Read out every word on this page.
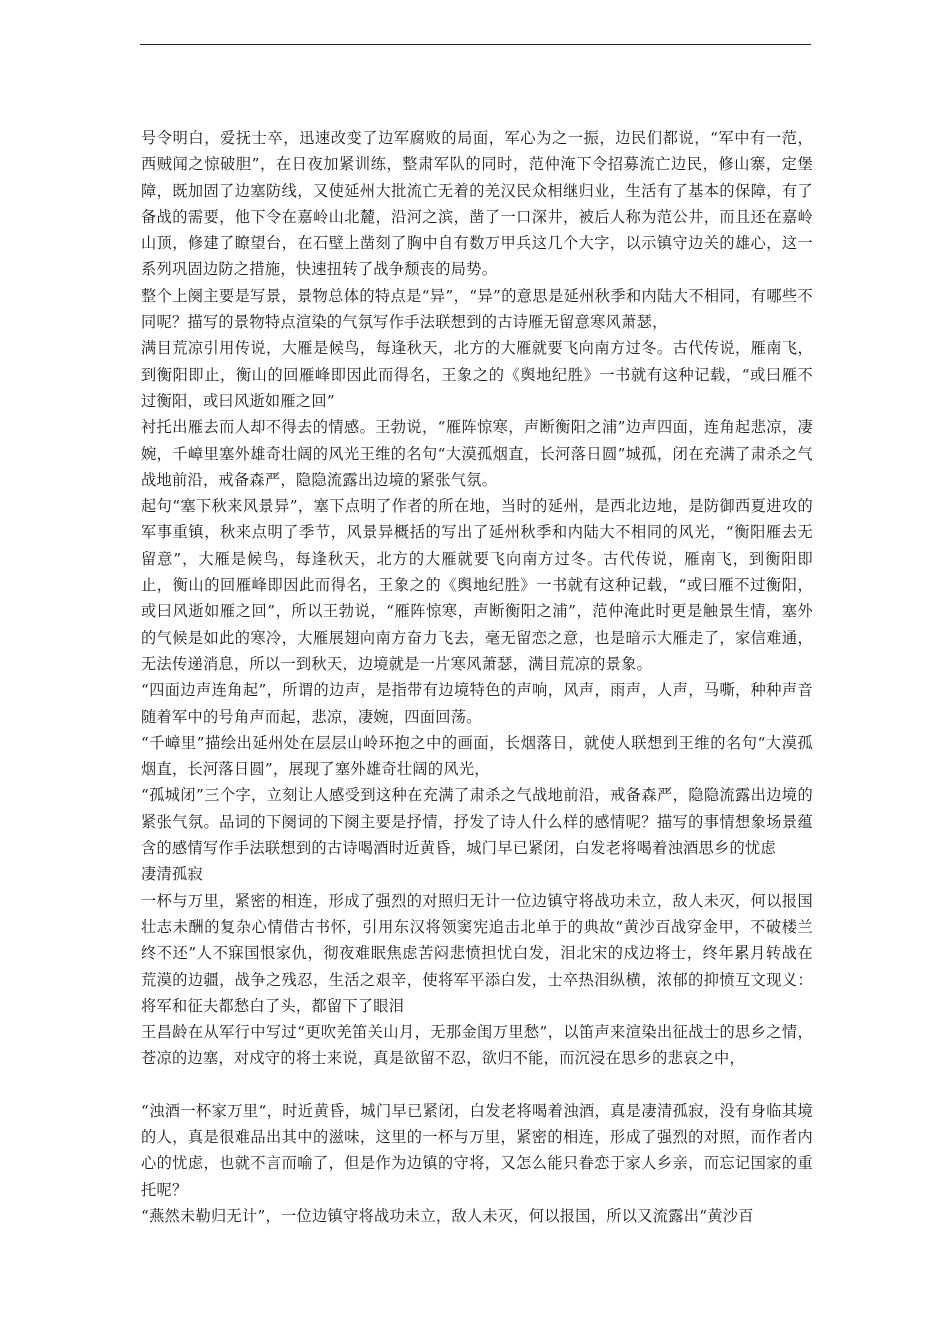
号令明白，爱抚士卒，迅速改变了边军腐败的局面，军心为之一振，边民们都说，“军中有一范，西贼闻之惊破胆”，在日夜加紧训练，整肃军队的同时，范仲淹下令招募流亡边民，修山寨，定堡障，既加固了边塞防线，又使延州大批流亡无着的羌汉民众相继归业，生活有了基本的保障，有了备战的需要，他下令在嘉岭山北麓，沿河之滨，凿了一口深井，被后人称为范公井，而且还在嘉岭山顶，修建了瞭望台，在石壁上凿刻了胸中自有数万甲兵这几个大字，以示镇守边关的雄心，这一系列巩固边防之措施，快速扭转了战争颓丧的局势。

整个上阕主要是写景，景物总体的特点是“异”，“异”的意思是延州秋季和内陆大不相同，有哪些不同呢？描写的景物特点渲染的气氛写作手法联想到的古诗雁无留意寒风萧瑟，

满目荒凉引用传说，大雁是候鸟，每逢秋天，北方的大雁就要飞向南方过冬。古代传说，雁南飞，到衡阳即止，衡山的回雁峰即因此而得名，王象之的《舆地纪胜》一书就有这种记载，“或曰雁不过衡阳，或曰风逝如雁之回”

衬托出雁去而人却不得去的情感。王勃说，“雁阵惊寒，声断衡阳之浦”边声四面，连角起悲凉，凄婉，千嶂里塞外雄奇壮阔的风光王维的名句“大漠孤烟直，长河落日圆”城孤，闭在充满了肃杀之气战地前沿，戒备森严，隐隐流露出边境的紧张气氛。

起句“塞下秋来风景异”，塞下点明了作者的所在地，当时的延州，是西北边地，是防御西夏进攻的军事重镇，秋来点明了季节，风景异概括的写出了延州秋季和内陆大不相同的风光，“衡阳雁去无留意”，大雁是候鸟，每逢秋天，北方的大雁就要飞向南方过冬。古代传说，雁南飞，到衡阳即止，衡山的回雁峰即因此而得名，王象之的《舆地纪胜》一书就有这种记载，“或曰雁不过衡阳，或曰风逝如雁之回”，所以王勃说，“雁阵惊寒，声断衡阳之浦”，范仲淹此时更是触景生情，塞外的气候是如此的寒冷，大雁展翅向南方奋力飞去，毫无留恋之意，也是暗示大雁走了，家信难通，无法传递消息，所以一到秋天，边境就是一片寒风萧瑟，满目荒凉的景象。

“四面边声连角起”，所谓的边声，是指带有边境特色的声响，风声，雨声，人声，马嘶，种种声音随着军中的号角声而起，悲凉，凄婉，四面回荡。

“千嶂里”描绘出延州处在层层山岭环抱之中的画面，长烟落日，就使人联想到王维的名句“大漠孤烟直，长河落日圆”，展现了塞外雄奇壮阔的风光，

“孤城闭”三个字，立刻让人感受到这种在充满了肃杀之气战地前沿，戒备森严，隐隐流露出边境的紧张气氛。品词的下阕词的下阕主要是抒情，抒发了诗人什么样的感情呢？描写的事情想象场景蕴含的感情写作手法联想到的古诗喝酒时近黄昏，城门早已紧闭，白发老将喝着浊酒思乡的忧虑

凄清孤寂

一杯与万里，紧密的相连，形成了强烈的对照归无计一位边镇守将战功未立，敌人未灭，何以报国壮志未酬的复杂心情借古书怀，引用东汉将领窦宪追击北单于的典故“黄沙百战穿金甲，不破楼兰终不还”人不寐国恨家仇，彻夜难眠焦虑苦闷悲愤担忧白发，泪北宋的戍边将士，终年累月转战在荒漠的边疆，战争之残忍，生活之艰辛，使将军平添白发，士卒热泪纵横，浓郁的抑愤互文现义：将军和征夫都愁白了头，都留下了眼泪

王昌龄在从军行中写过“更吹羌笛关山月，无那金闺万里愁”，以笛声来渲染出征战士的思乡之情，苍凉的边塞，对戍守的将士来说，真是欲留不忍，欲归不能，而沉浸在思乡的悲哀之中，

“浊酒一杯家万里“，时近黄昏，城门早已紧闭，白发老将喝着浊酒，真是凄清孤寂，没有身临其境的人，真是很难品出其中的滋味，这里的一杯与万里，紧密的相连，形成了强烈的对照，而作者内心的忧虑，也就不言而喻了，但是作为边镇的守将，又怎么能只眷恋于家人乡亲，而忘记国家的重托呢？

“燕然未勒归无计”，一位边镇守将战功未立，敌人未灭，何以报国，所以又流露出“黄沙百
